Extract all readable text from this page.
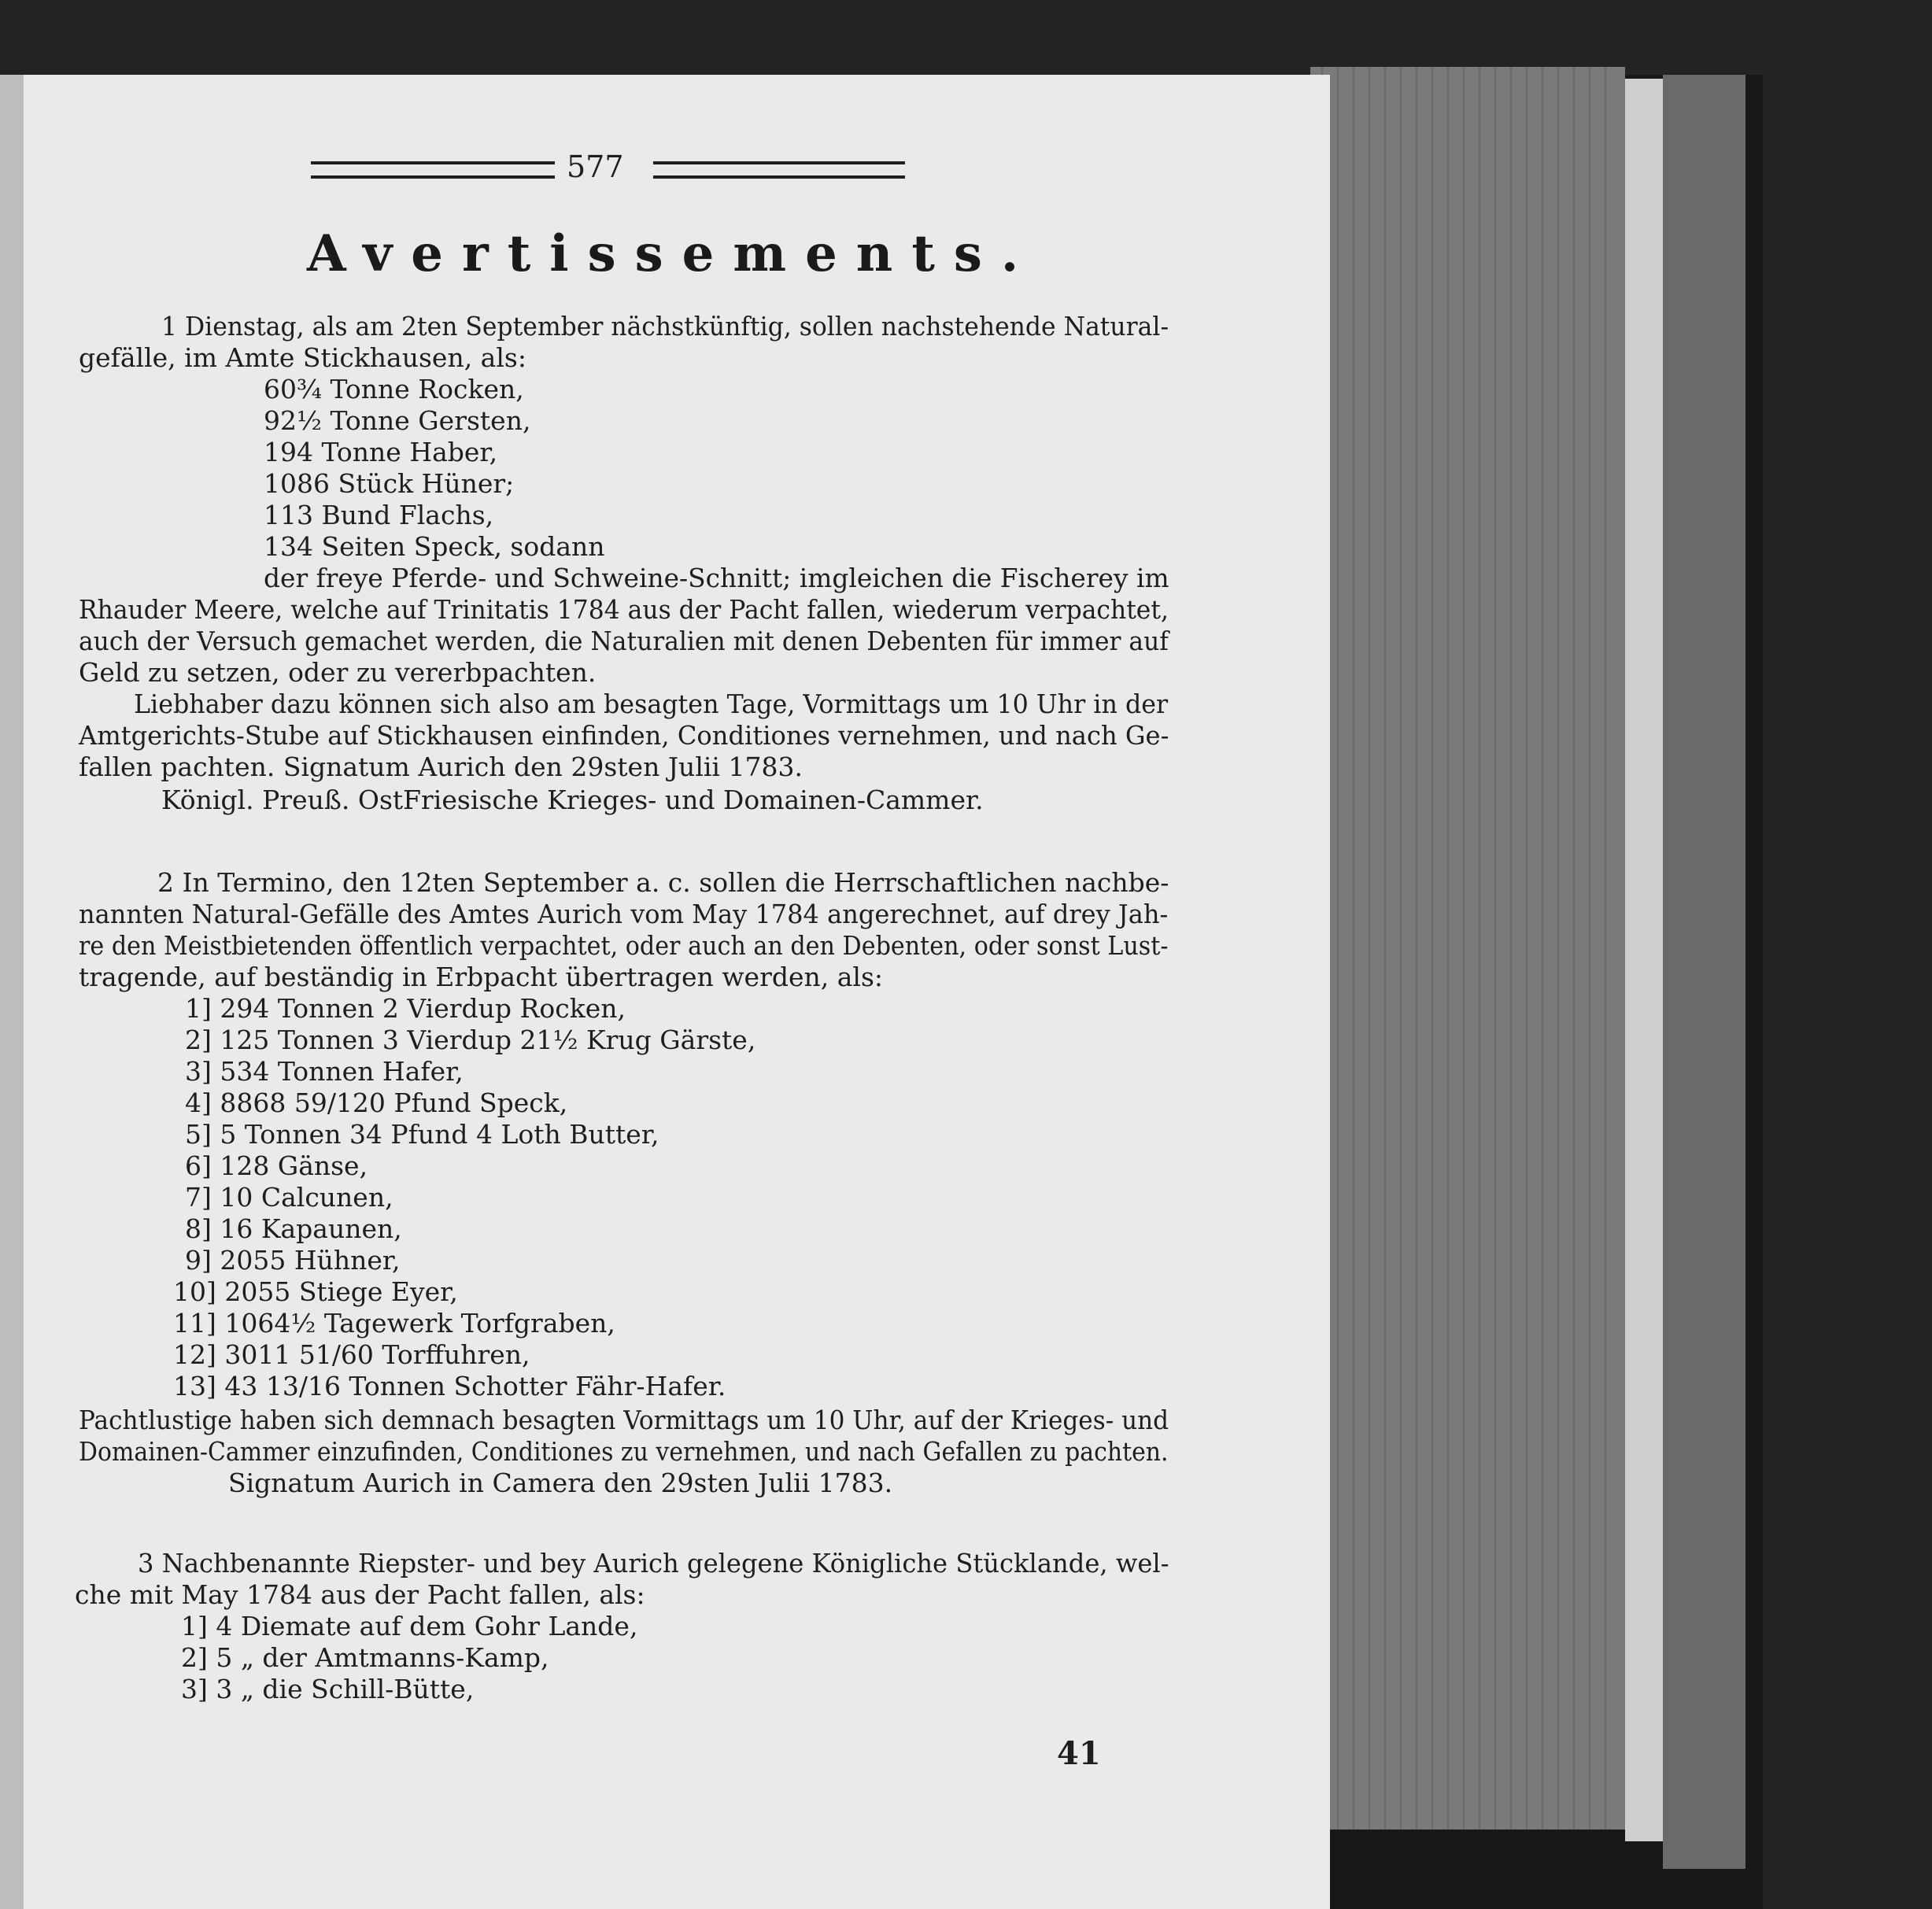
577
Avertissements.
1 Dienstag, als am 2ten September nächstkünftig, sollen nachstehende Natural-
gefälle, im Amte Stickhausen, als:
60¾ Tonne Rocken,
92½ Tonne Gersten,
194 Tonne Haber,
1086 Stück Hüner;
113 Bund Flachs,
134 Seiten Speck, sodann
der freye Pferde- und Schweine-Schnitt; imgleichen die Fischerey im
Rhauder Meere, welche auf Trinitatis 1784 aus der Pacht fallen, wiederum verpachtet,
auch der Versuch gemachet werden, die Naturalien mit denen Debenten für immer auf
Geld zu setzen, oder zu vererbpachten.
Liebhaber dazu können sich also am besagten Tage, Vormittags um 10 Uhr in der
Amtgerichts-Stube auf Stickhausen einfinden, Conditiones vernehmen, und nach Ge-
fallen pachten. Signatum Aurich den 29sten Julii 1783.
Königl. Preuß. OstFriesische Krieges- und Domainen-Cammer.
2 In Termino, den 12ten September a. c. sollen die Herrschaftlichen nachbe-
nannten Natural-Gefälle des Amtes Aurich vom May 1784 angerechnet, auf drey Jah-
re den Meistbietenden öffentlich verpachtet, oder auch an den Debenten, oder sonst Lust-
tragende, auf beständig in Erbpacht übertragen werden, als:
1] 294 Tonnen 2 Vierdup Rocken,
2] 125 Tonnen 3 Vierdup 21½ Krug Gärste,
3] 534 Tonnen Hafer,
4] 8868 59/120 Pfund Speck,
5] 5 Tonnen 34 Pfund 4 Loth Butter,
6] 128 Gänse,
7] 10 Calcunen,
8] 16 Kapaunen,
9] 2055 Hühner,
10] 2055 Stiege Eyer,
11] 1064½ Tagewerk Torfgraben,
12] 3011 51/60 Torffuhren,
13] 43 13/16 Tonnen Schotter Fähr-Hafer.
Pachtlustige haben sich demnach besagten Vormittags um 10 Uhr, auf der Krieges- und
Domainen-Cammer einzufinden, Conditiones zu vernehmen, und nach Gefallen zu pachten.
Signatum Aurich in Camera den 29sten Julii 1783.
3 Nachbenannte Riepster- und bey Aurich gelegene Königliche Stücklande, wel-
che mit May 1784 aus der Pacht fallen, als:
1] 4 Diemate auf dem Gohr Lande,
2] 5 „ der Amtmanns-Kamp,
3] 3 „ die Schill-Bütte,
41
